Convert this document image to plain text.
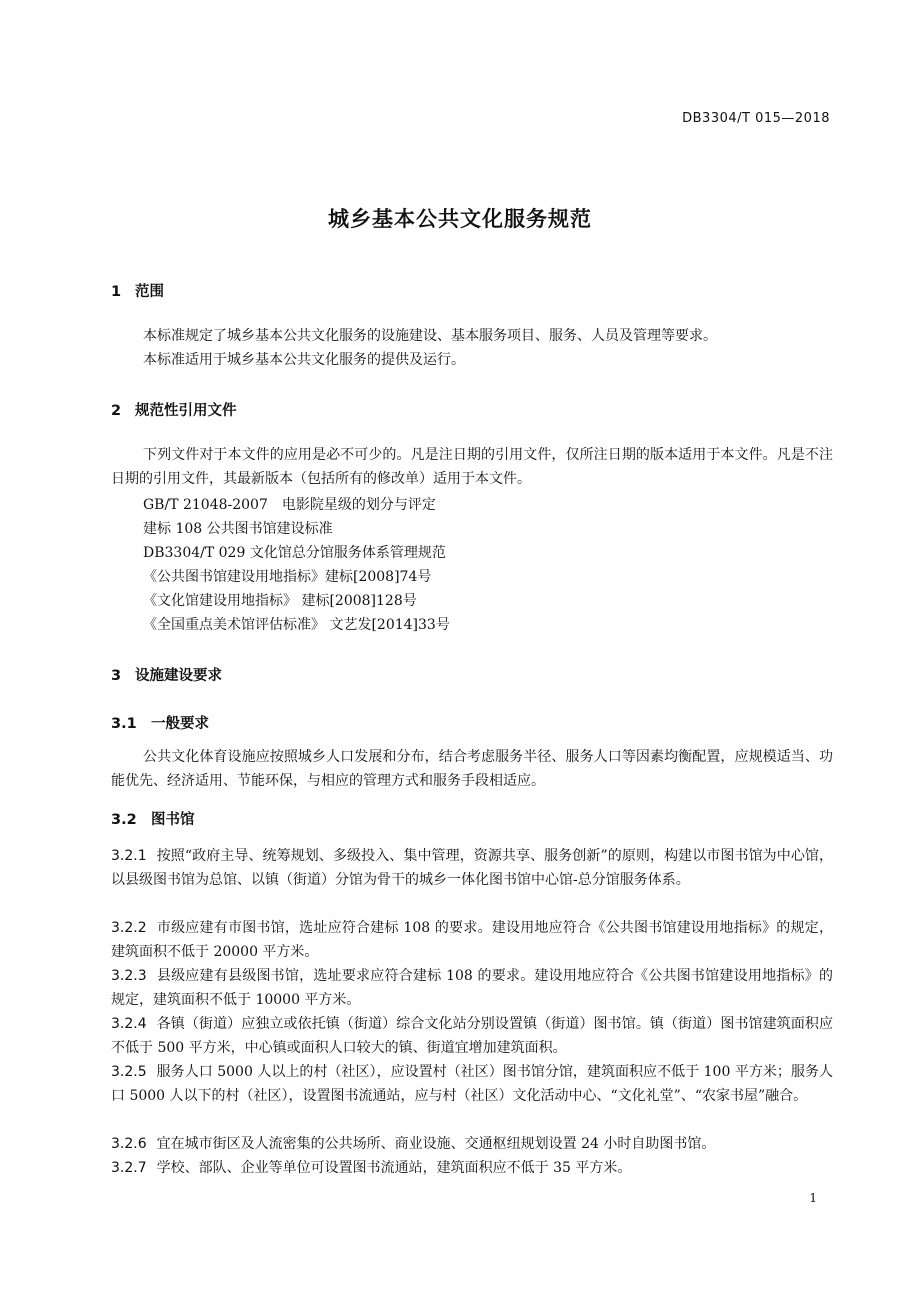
DB3304/T 015—2018
城乡基本公共文化服务规范
1 范围
本标准规定了城乡基本公共文化服务的设施建设、基本服务项目、服务、人员及管理等要求。
本标准适用于城乡基本公共文化服务的提供及运行。
2 规范性引用文件
下列文件对于本文件的应用是必不可少的。凡是注日期的引用文件，仅所注日期的版本适用于本文件。凡是不注日期的引用文件，其最新版本（包括所有的修改单）适用于本文件。
GB/T 21048-2007　电影院星级的划分与评定
建标 108 公共图书馆建设标准
DB3304/T 029 文化馆总分馆服务体系管理规范
《公共图书馆建设用地指标》建标[2008]74号
《文化馆建设用地指标》 建标[2008]128号
《全国重点美术馆评估标准》 文艺发[2014]33号
3 设施建设要求
3.1 一般要求
公共文化体育设施应按照城乡人口发展和分布，结合考虑服务半径、服务人口等因素均衡配置，应规模适当、功能优先、经济适用、节能环保，与相应的管理方式和服务手段相适应。
3.2 图书馆
3.2.1 按照“政府主导、统筹规划、多级投入、集中管理，资源共享、服务创新”的原则，构建以市图书馆为中心馆，以县级图书馆为总馆、以镇（街道）分馆为骨干的城乡一体化图书馆中心馆-总分馆服务体系。
3.2.2 市级应建有市图书馆，选址应符合建标 108 的要求。建设用地应符合《公共图书馆建设用地指标》的规定，建筑面积不低于 20000 平方米。
3.2.3 县级应建有县级图书馆，选址要求应符合建标 108 的要求。建设用地应符合《公共图书馆建设用地指标》的规定，建筑面积不低于 10000 平方米。
3.2.4 各镇（街道）应独立或依托镇（街道）综合文化站分别设置镇（街道）图书馆。镇（街道）图书馆建筑面积应不低于 500 平方米，中心镇或面积人口较大的镇、街道宜增加建筑面积。
3.2.5 服务人口 5000 人以上的村（社区），应设置村（社区）图书馆分馆，建筑面积应不低于 100 平方米；服务人口 5000 人以下的村（社区），设置图书流通站，应与村（社区）文化活动中心、“文化礼堂”、“农家书屋”融合。
3.2.6 宜在城市街区及人流密集的公共场所、商业设施、交通枢纽规划设置 24 小时自助图书馆。
3.2.7 学校、部队、企业等单位可设置图书流通站，建筑面积应不低于 35 平方米。
1
